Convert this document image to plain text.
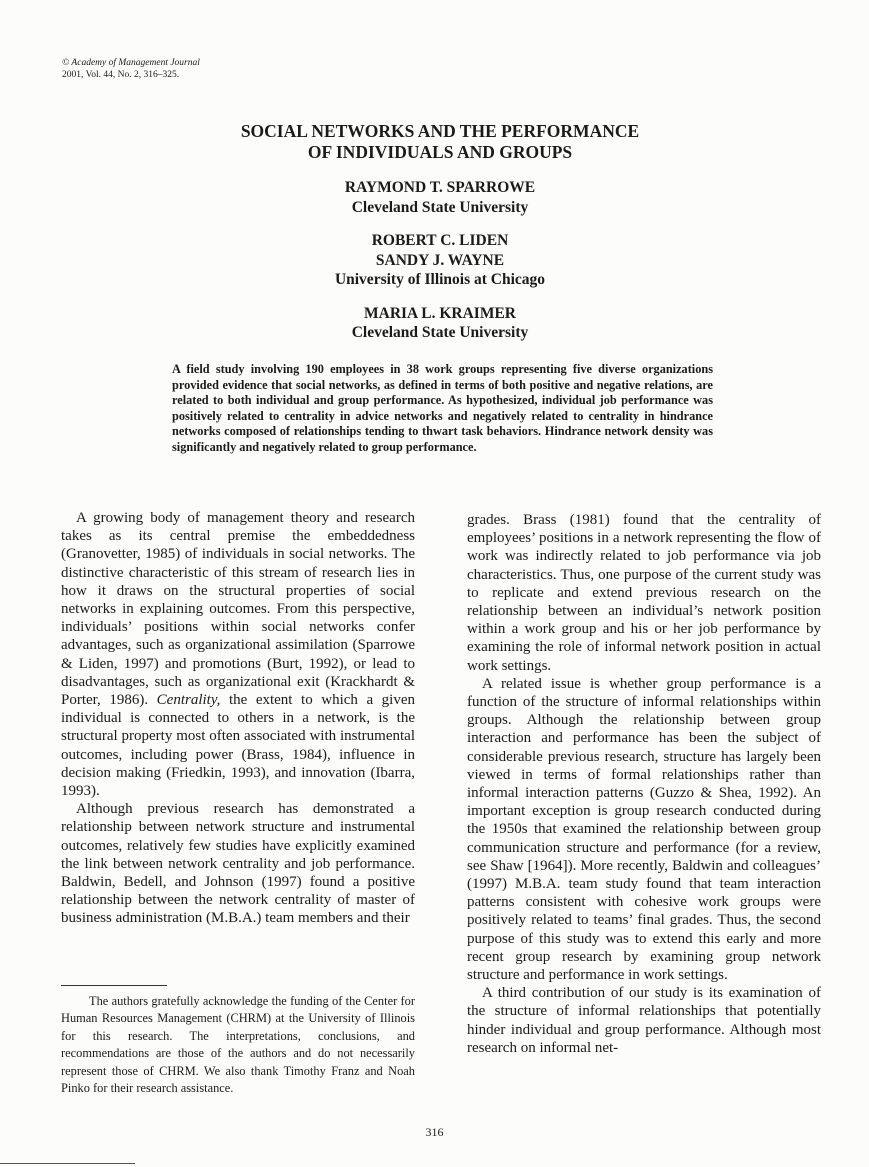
© Academy of Management Journal
2001, Vol. 44, No. 2, 316–325.
SOCIAL NETWORKS AND THE PERFORMANCE
OF INDIVIDUALS AND GROUPS
RAYMOND T. SPARROWE
Cleveland State University
ROBERT C. LIDEN
SANDY J. WAYNE
University of Illinois at Chicago
MARIA L. KRAIMER
Cleveland State University
A field study involving 190 employees in 38 work groups representing five diverse organizations provided evidence that social networks, as defined in terms of both positive and negative relations, are related to both individual and group performance. As hypothesized, individual job performance was positively related to centrality in advice networks and negatively related to centrality in hindrance networks composed of relationships tending to thwart task behaviors. Hindrance network density was significantly and negatively related to group performance.

A growing body of management theory and research takes as its central premise the embeddedness (Granovetter, 1985) of individuals in social networks. The distinctive characteristic of this stream of research lies in how it draws on the structural properties of social networks in explaining outcomes. From this perspective, individuals’ positions within social networks confer advantages, such as organizational assimilation (Sparrowe & Liden, 1997) and promotions (Burt, 1992), or lead to disadvantages, such as organizational exit (Krackhardt & Porter, 1986). Centrality, the extent to which a given individual is connected to others in a network, is the structural property most often associated with instrumental outcomes, including power (Brass, 1984), influence in decision making (Friedkin, 1993), and innovation (Ibarra, 1993).

Although previous research has demonstrated a relationship between network structure and instrumental outcomes, relatively few studies have explicitly examined the link between network centrality and job performance. Baldwin, Bedell, and Johnson (1997) found a positive relationship between the network centrality of master of business administration (M.B.A.) team members and their

The authors gratefully acknowledge the funding of the Center for Human Resources Management (CHRM) at the University of Illinois for this research. The interpretations, conclusions, and recommendations are those of the authors and do not necessarily represent those of CHRM. We also thank Timothy Franz and Noah Pinko for their research assistance.

grades. Brass (1981) found that the centrality of employees’ positions in a network representing the flow of work was indirectly related to job performance via job characteristics. Thus, one purpose of the current study was to replicate and extend previous research on the relationship between an individual’s network position within a work group and his or her job performance by examining the role of informal network position in actual work settings.

A related issue is whether group performance is a function of the structure of informal relationships within groups. Although the relationship between group interaction and performance has been the subject of considerable previous research, structure has largely been viewed in terms of formal relationships rather than informal interaction patterns (Guzzo & Shea, 1992). An important exception is group research conducted during the 1950s that examined the relationship between group communication structure and performance (for a review, see Shaw [1964]). More recently, Baldwin and colleagues’ (1997) M.B.A. team study found that team interaction patterns consistent with cohesive work groups were positively related to teams’ final grades. Thus, the second purpose of this study was to extend this early and more recent group research by examining group network structure and performance in work settings.

A third contribution of our study is its examination of the structure of informal relationships that potentially hinder individual and group performance. Although most research on informal net-

316
